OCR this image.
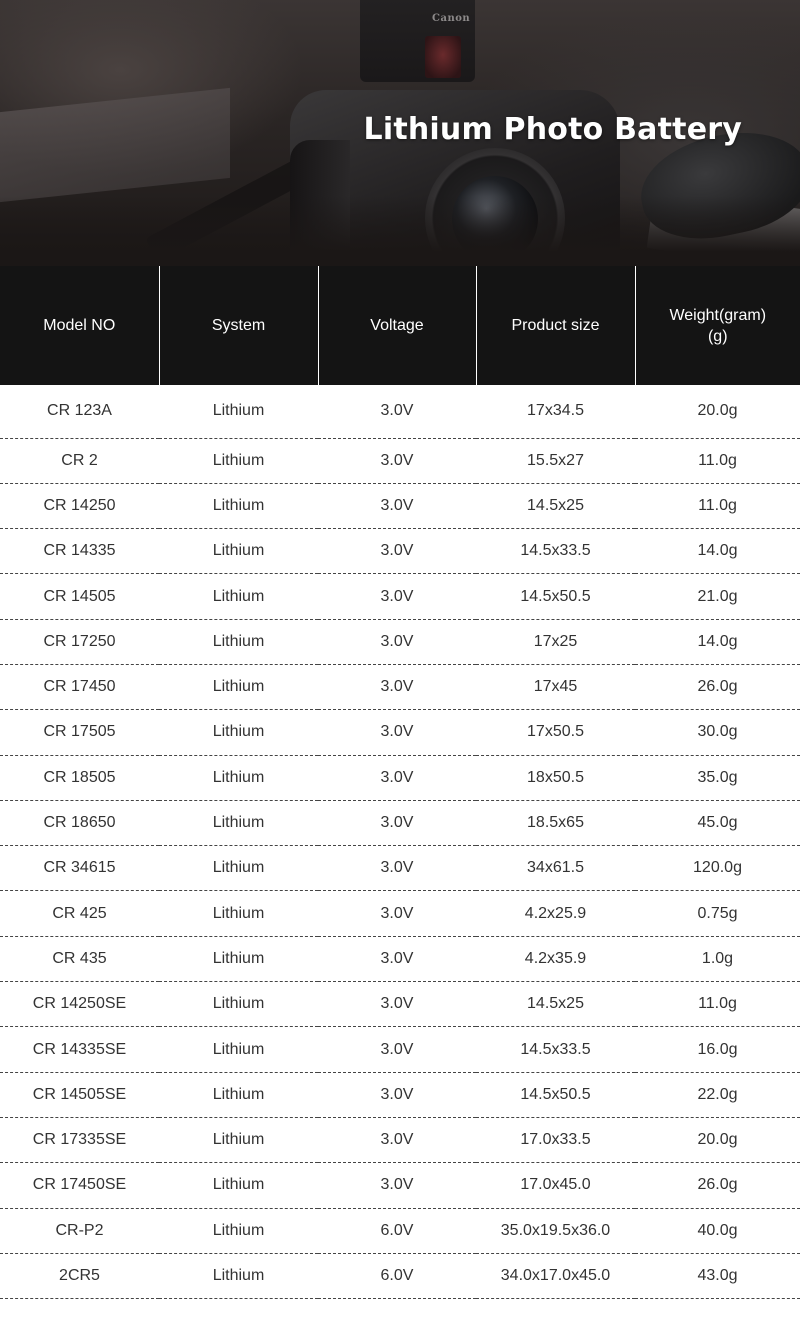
Canon
Lithium Photo Battery
Model NO	System	Voltage	Product size	Weight(gram)
(g)
CR 123A	Lithium	3.0V	17x34.5	20.0g
CR 2	Lithium	3.0V	15.5x27	11.0g
CR 14250	Lithium	3.0V	14.5x25	11.0g
CR 14335	Lithium	3.0V	14.5x33.5	14.0g
CR 14505	Lithium	3.0V	14.5x50.5	21.0g
CR 17250	Lithium	3.0V	17x25	14.0g
CR 17450	Lithium	3.0V	17x45	26.0g
CR 17505	Lithium	3.0V	17x50.5	30.0g
CR 18505	Lithium	3.0V	18x50.5	35.0g
CR 18650	Lithium	3.0V	18.5x65	45.0g
CR 34615	Lithium	3.0V	34x61.5	120.0g
CR 425	Lithium	3.0V	4.2x25.9	0.75g
CR 435	Lithium	3.0V	4.2x35.9	1.0g
CR 14250SE	Lithium	3.0V	14.5x25	11.0g
CR 14335SE	Lithium	3.0V	14.5x33.5	16.0g
CR 14505SE	Lithium	3.0V	14.5x50.5	22.0g
CR 17335SE	Lithium	3.0V	17.0x33.5	20.0g
CR 17450SE	Lithium	3.0V	17.0x45.0	26.0g
CR-P2	Lithium	6.0V	35.0x19.5x36.0	40.0g
2CR5	Lithium	6.0V	34.0x17.0x45.0	43.0g
